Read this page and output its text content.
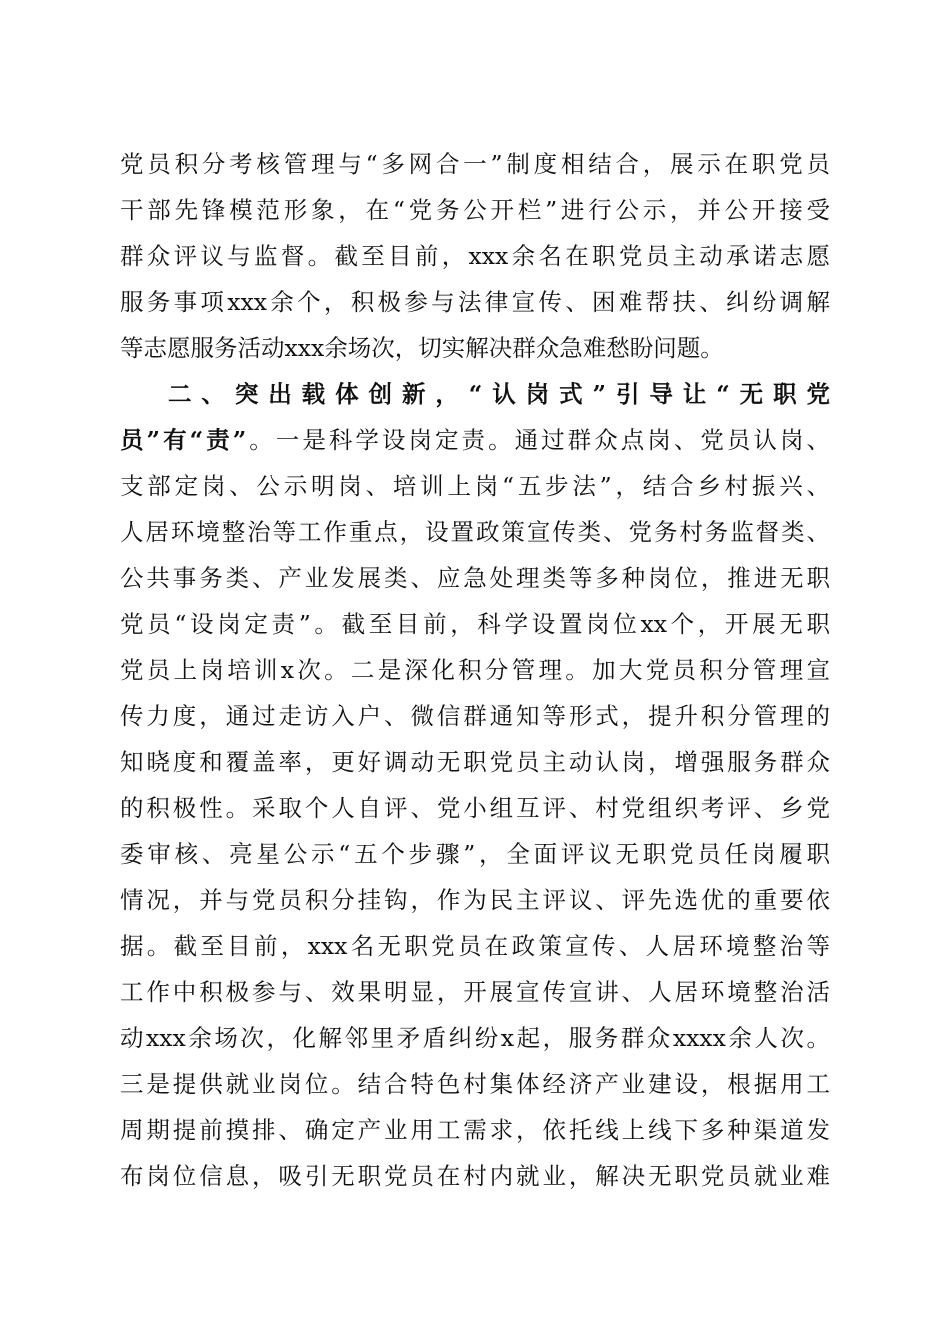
党员积分考核管理与“多网合一”制度相结合，展示在职党员
干部先锋模范形象，在“党务公开栏”进行公示，并公开接受
群众评议与监督。截至目前，xxx余名在职党员主动承诺志愿
服务事项xxx余个，积极参与法律宣传、困难帮扶、纠纷调解
等志愿服务活动xxx余场次，切实解决群众急难愁盼问题。
二、突出载体创新，“认岗式”引导让“无职党
员”有“责”。一是科学设岗定责。通过群众点岗、党员认岗、
支部定岗、公示明岗、培训上岗“五步法”，结合乡村振兴、
人居环境整治等工作重点，设置政策宣传类、党务村务监督类、
公共事务类、产业发展类、应急处理类等多种岗位，推进无职
党员“设岗定责”。截至目前，科学设置岗位xx个，开展无职
党员上岗培训x次。二是深化积分管理。加大党员积分管理宣
传力度，通过走访入户、微信群通知等形式，提升积分管理的
知晓度和覆盖率，更好调动无职党员主动认岗，增强服务群众
的积极性。采取个人自评、党小组互评、村党组织考评、乡党
委审核、亮星公示“五个步骤”，全面评议无职党员任岗履职
情况，并与党员积分挂钩，作为民主评议、评先选优的重要依
据。截至目前，xxx名无职党员在政策宣传、人居环境整治等
工作中积极参与、效果明显，开展宣传宣讲、人居环境整治活
动xxx余场次，化解邻里矛盾纠纷x起，服务群众xxxx余人次。
三是提供就业岗位。结合特色村集体经济产业建设，根据用工
周期提前摸排、确定产业用工需求，依托线上线下多种渠道发
布岗位信息，吸引无职党员在村内就业，解决无职党员就业难
